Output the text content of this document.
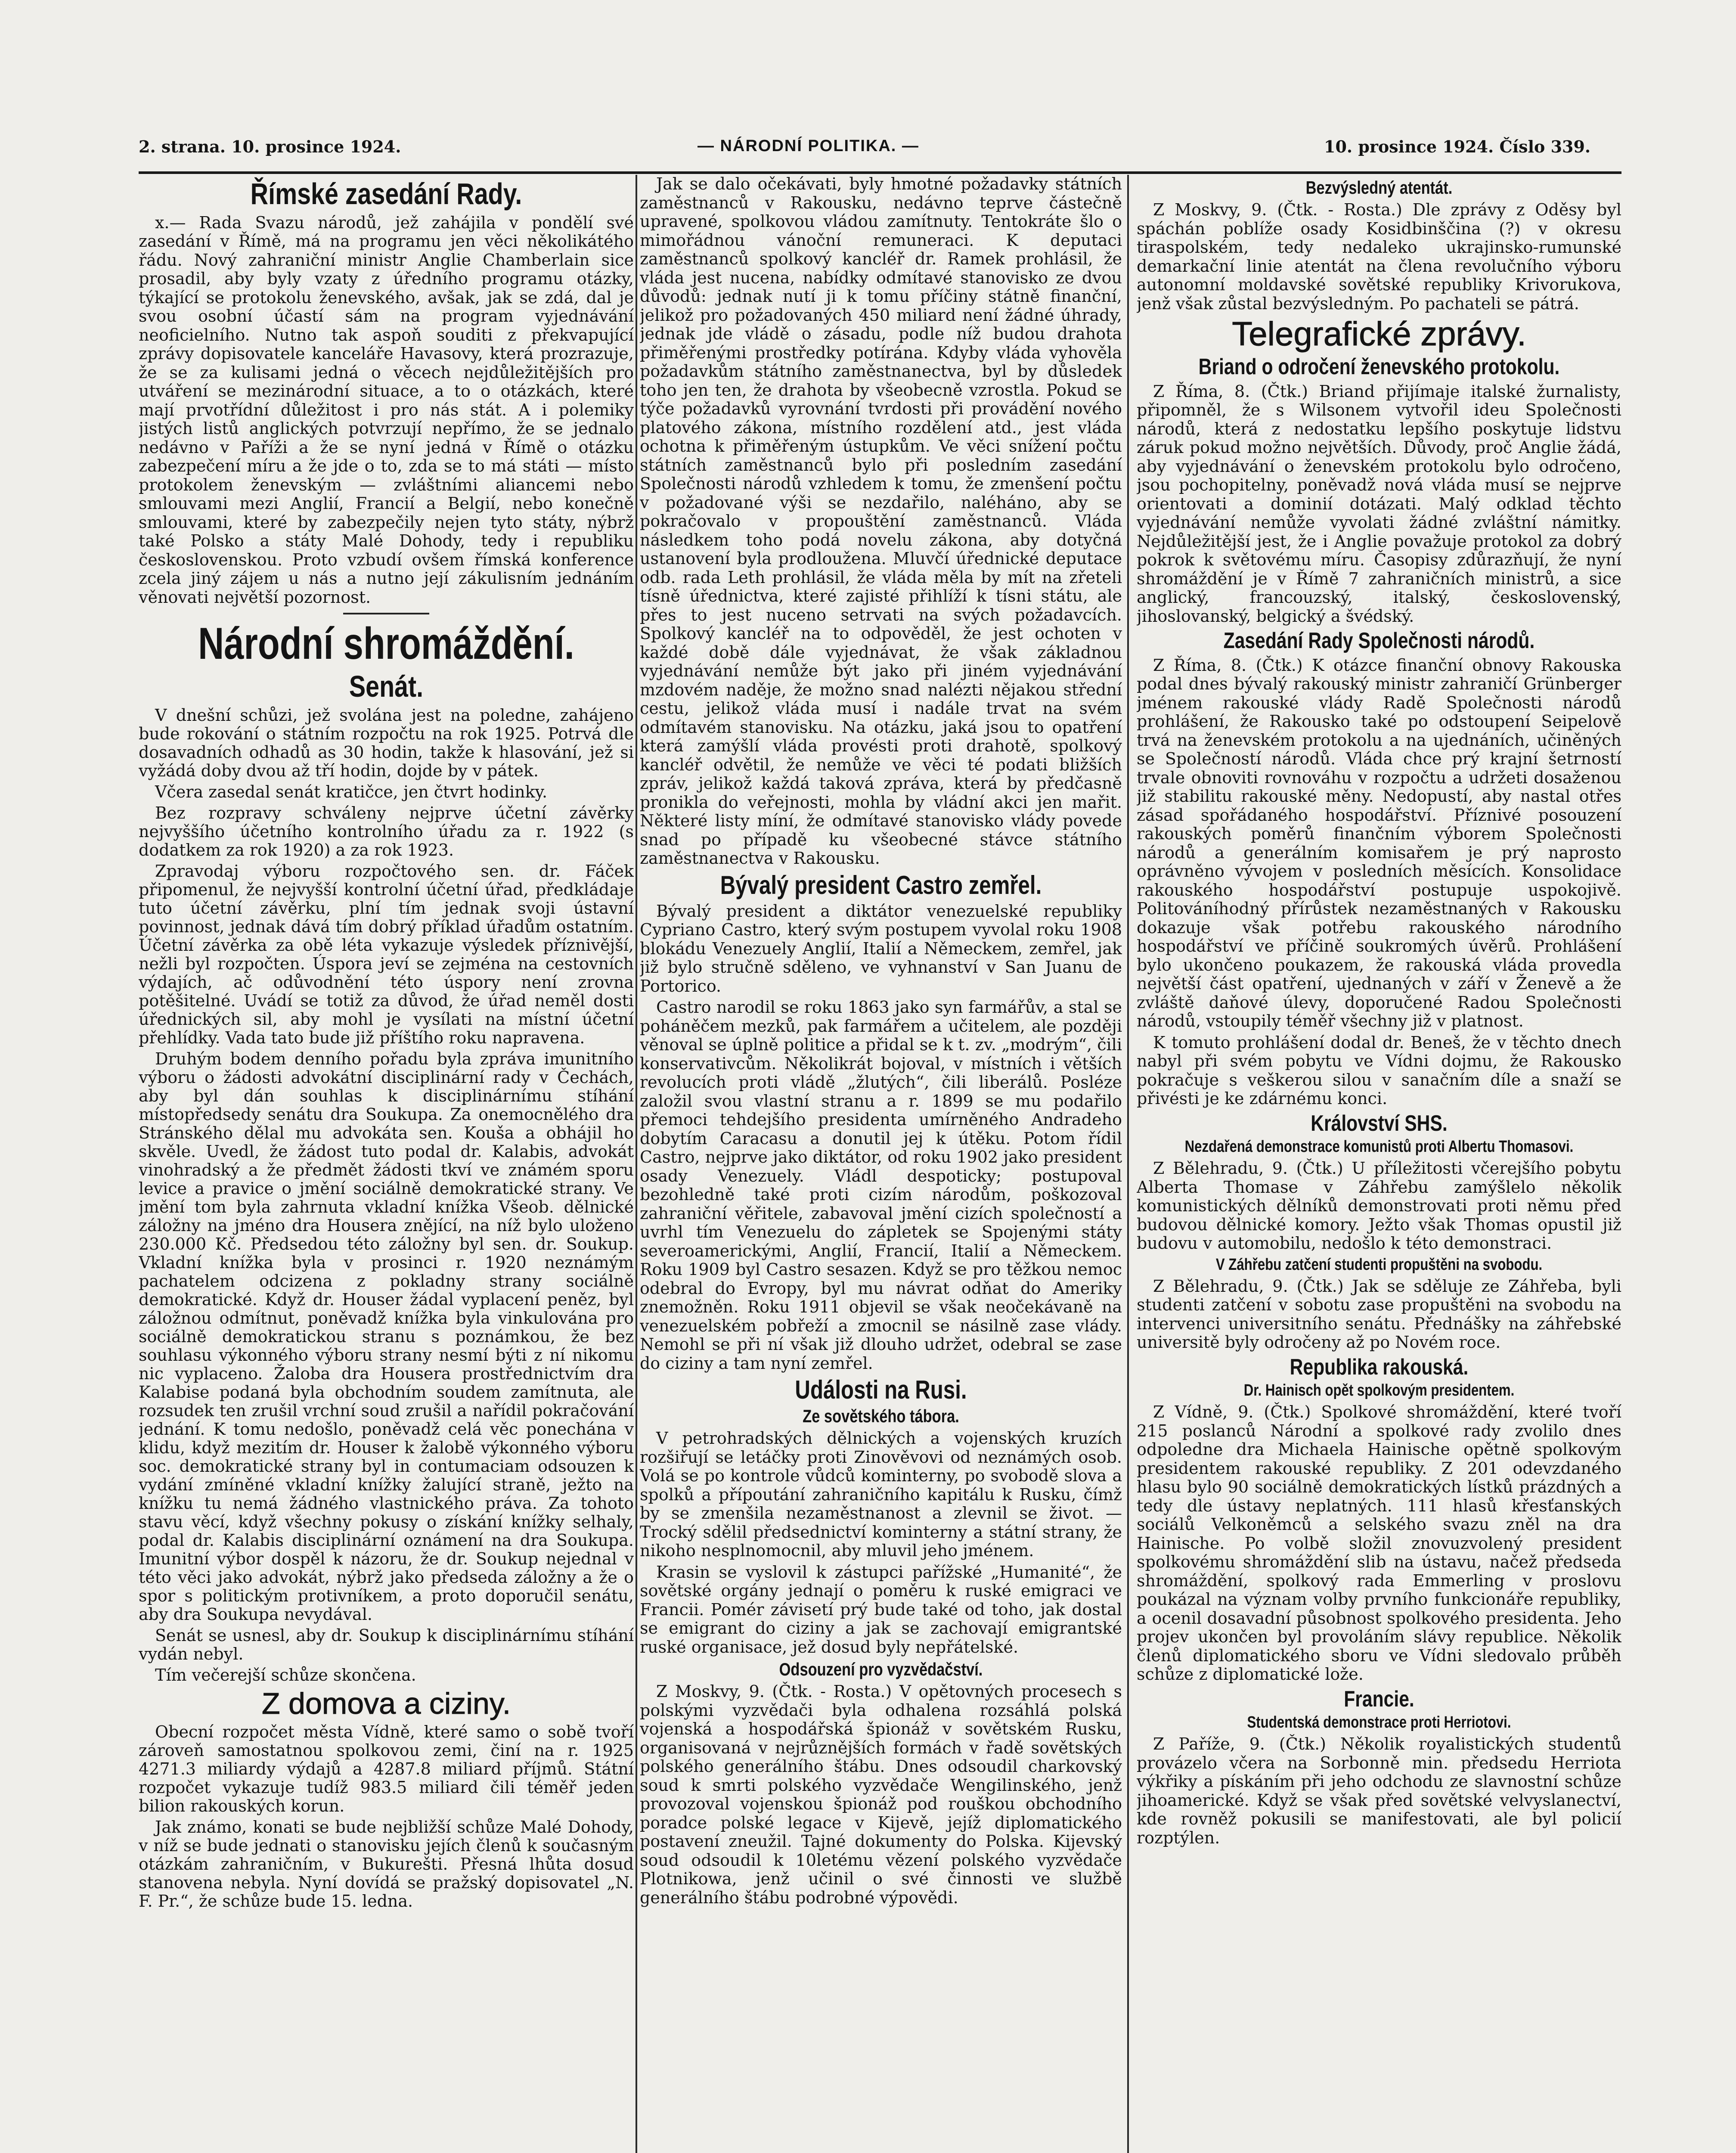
2. strana. 10. prosince 1924.	— NÁRODNÍ POLITIKA. —	10. prosince 1924. Číslo 339.
Římské zasedání Rady.

x.— Rada Svazu národů, jež zahájila v pondělí své zasedání v Římě, má na programu jen věci několikátého řádu. Nový zahraniční ministr Anglie Chamberlain sice prosadil, aby byly vzaty z úředního programu otázky, týkající se protokolu ženevského, avšak, jak se zdá, dal je svou osobní účastí sám na program vyjednávání neoficielního. Nutno tak aspoň souditi z překvapující zprávy dopisovatele kanceláře Havasovy, která prozrazuje, že se za kulisami jedná o věcech nejdůležitějších pro utváření se mezinárodní situace, a to o otázkách, které mají prvotřídní důležitost i pro nás stát. A i polemiky jistých listů anglických potvrzují nepřímo, že se jednalo nedávno v Paříži a že se nyní jedná v Římě o otázku zabezpečení míru a že jde o to, zda se to má státi — místo protokolem ženevským — zvláštními aliancemi nebo smlouvami mezi Anglií, Francií a Belgií, nebo konečně smlouvami, které by zabezpečily nejen tyto státy, nýbrž také Polsko a státy Malé Dohody, tedy i republiku československou. Proto vzbudí ovšem římská konference zcela jiný zájem u nás a nutno její zákulisním jednáním věnovati největší pozornost.

Národní shromáždění.
Senát.

V dnešní schůzi, jež svolána jest na poledne, zahájeno bude rokování o státním rozpočtu na rok 1925. Potrvá dle dosavadních odhadů as 30 hodin, takže k hlasování, jež si vyžádá doby dvou až tří hodin, dojde by v pátek.

Včera zasedal senát kratičce, jen čtvrt hodinky.

Bez rozpravy schváleny nejprve účetní závěrky nejvyššího účetního kontrolního úřadu za r. 1922 (s dodatkem za rok 1920) a za rok 1923.

Zpravodaj výboru rozpočtového sen. dr. Fáček připomenul, že nejvyšší kontrolní účetní úřad, předkládaje tuto účetní závěrku, plní tím jednak svoji ústavní povinnost, jednak dává tím dobrý příklad úřadům ostatním. Účetní závěrka za obě léta vykazuje výsledek příznivější, nežli byl rozpočten. Úspora jeví se zejména na cestovních výdajích, ač odůvodnění této úspory není zrovna potěšitelné. Uvádí se totiž za důvod, že úřad neměl dosti úřednických sil, aby mohl je vysílati na místní účetní přehlídky. Vada tato bude již příštího roku napravena.

Druhým bodem denního pořadu byla zpráva imunitního výboru o žádosti advokátní disciplinární rady v Čechách, aby byl dán souhlas k disciplinárnímu stíhání místopředsedy senátu dra Soukupa. Za onemocnělého dra Stránského dělal mu advokáta sen. Kouša a obhájil ho skvěle. Uvedl, že žádost tuto podal dr. Kalabis, advokát vinohradský a že předmět žádosti tkví ve známém sporu levice a pravice o jmění sociálně demokratické strany. Ve jmění tom byla zahrnuta vkladní knížka Všeob. dělnické záložny na jméno dra Housera znějící, na níž bylo uloženo 230.000 Kč. Předsedou této záložny byl sen. dr. Soukup. Vkladní knížka byla v prosinci r. 1920 neznámým pachatelem odcizena z pokladny strany sociálně demokratické. Když dr. Houser žádal vyplacení peněz, byl záložnou odmítnut, poněvadž knížka byla vinkulována pro sociálně demokratickou stranu s poznámkou, že bez souhlasu výkonného výboru strany nesmí býti z ní nikomu nic vyplaceno. Žaloba dra Housera prostřednictvím dra Kalabise podaná byla obchodním soudem zamítnuta, ale rozsudek ten zrušil vrchní soud zrušil a nařídil pokračování jednání. K tomu nedošlo, poněvadž celá věc ponechána v klidu, když mezitím dr. Houser k žalobě výkonného výboru soc. demokratické strany byl in contumaciam odsouzen k vydání zmíněné vkladní knížky žalující straně, ježto na knížku tu nemá žádného vlastnického práva. Za tohoto stavu věcí, když všechny pokusy o získání knížky selhaly, podal dr. Kalabis disciplinární oznámení na dra Soukupa. Imunitní výbor dospěl k názoru, že dr. Soukup nejednal v této věci jako advokát, nýbrž jako předseda záložny a že o spor s politickým protivníkem, a proto doporučil senátu, aby dra Soukupa nevydával.

Senát se usnesl, aby dr. Soukup k disciplinárnímu stíhání vydán nebyl.

Tím večerejší schůze skončena.

Z domova a ciziny.

Obecní rozpočet města Vídně, které samo o sobě tvoří zároveň samostatnou spolkovou zemi, činí na r. 1925 4271.3 miliardy výdajů a 4287.8 miliard příjmů. Státní rozpočet vykazuje tudíž 983.5 miliard čili téměř jeden bilion rakouských korun.

Jak známo, konati se bude nejbližší schůze Malé Dohody, v níž se bude jednati o stanovisku jejích členů k současným otázkám zahraničním, v Bukurešti. Přesná lhůta dosud stanovena nebyla. Nyní dovídá se pražský dopisovatel „N. F. Pr.“, že schůze bude 15. ledna.

Jak se dalo očekávati, byly hmotné požadavky státních zaměstnanců v Rakousku, nedávno teprve částečně upravené, spolkovou vládou zamítnuty. Tentokráte šlo o mimořádnou vánoční remuneraci. K deputaci zaměstnanců spolkový kancléř dr. Ramek prohlásil, že vláda jest nucena, nabídky odmítavé stanovisko ze dvou důvodů: jednak nutí ji k tomu příčiny státně finanční, jelikož pro požadovaných 450 miliard není žádné úhrady, jednak jde vládě o zásadu, podle níž budou drahota přiměřenými prostředky potírána. Kdyby vláda vyhověla požadavkům státního zaměstnanectva, byl by důsledek toho jen ten, že drahota by všeobecně vzrostla. Pokud se týče požadavků vyrovnání tvrdosti při provádění nového platového zákona, místního rozdělení atd., jest vláda ochotna k přiměřeným ústupkům. Ve věci snížení počtu státních zaměstnanců bylo při posledním zasedání Společnosti národů vzhledem k tomu, že zmenšení počtu v požadované výši se nezdařilo, naléháno, aby se pokračovalo v propouštění zaměstnanců. Vláda následkem toho podá novelu zákona, aby dotyčná ustanovení byla prodloužena. Mluvčí úřednické deputace odb. rada Leth prohlásil, že vláda měla by mít na zřeteli tísně úřednictva, které zajisté přihlíží k tísni státu, ale přes to jest nuceno setrvati na svých požadavcích. Spolkový kancléř na to odpověděl, že jest ochoten v každé době dále vyjednávat, že však základnou vyjednávání nemůže být jako při jiném vyjednávání mzdovém naděje, že možno snad nalézti nějakou střední cestu, jelikož vláda musí i nadále trvat na svém odmítavém stanovisku. Na otázku, jaká jsou to opatření která zamýšlí vláda provésti proti drahotě, spolkový kancléř odvětil, že nemůže ve věci té podati bližších zpráv, jelikož každá taková zpráva, která by předčasně pronikla do veřejnosti, mohla by vládní akci jen mařit. Některé listy míní, že odmítavé stanovisko vlády povede snad po případě ku všeobecné stávce státního zaměstnanectva v Rakousku.

Bývalý president Castro zemřel.

Bývalý president a diktátor venezuelské republiky Cypriano Castro, který svým postupem vyvolal roku 1908 blokádu Venezuely Anglií, Italií a Německem, zemřel, jak již bylo stručně sděleno, ve vyhnanství v San Juanu de Portorico.

Castro narodil se roku 1863 jako syn farmářův, a stal se poháněčem mezků, pak farmářem a učitelem, ale později věnoval se úplně politice a přidal se k t. zv. „modrým“, čili konservativcům. Několikrát bojoval, v místních i větších revolucích proti vládě „žlutých“, čili liberálů. Posléze založil svou vlastní stranu a r. 1899 se mu podařilo přemoci tehdejšího presidenta umírněného Andradeho dobytím Caracasu a donutil jej k útěku. Potom řídil Castro, nejprve jako diktátor, od roku 1902 jako president osady Venezuely. Vládl despoticky; postupoval bezohledně také proti cizím národům, poškozoval zahraniční věřitele, zabavoval jmění cizích společností a uvrhl tím Venezuelu do zápletek se Spojenými státy severoamerickými, Anglií, Francií, Italií a Německem. Roku 1909 byl Castro sesazen. Když se pro těžkou nemoc odebral do Evropy, byl mu návrat odňat do Ameriky znemožněn. Roku 1911 objevil se však neočekávaně na venezuelském pobřeží a zmocnil se násilně zase vlády. Nemohl se při ní však již dlouho udržet, odebral se zase do ciziny a tam nyní zemřel.

Události na Rusi.
Ze sovětského tábora.

V petrohradských dělnických a vojenských kruzích rozšiřují se letáčky proti Zinověvovi od neznámých osob. Volá se po kontrole vůdců kominterny, po svobodě slova a spolků a přípoutání zahraničního kapitálu k Rusku, čímž by se zmenšila nezaměstnanost a zlevnil se život. — Trocký sdělil předsednictví kominterny a státní strany, že nikoho nesplnomocnil, aby mluvil jeho jménem.

Krasin se vyslovil k zástupci pařížské „Humanité“, že sovětské orgány jednají o poměru k ruské emigraci ve Francii. Pomér závisetí prý bude také od toho, jak dostal se emigrant do ciziny a jak se zachovají emigrantské ruské organisace, jež dosud byly nepřátelské.

Odsouzení pro vyzvědačství.

Z Moskvy, 9. (Čtk. - Rosta.) V opětovných procesech s polskými vyzvědači byla odhalena rozsáhlá polská vojenská a hospodářská špionáž v sovětském Rusku, organisovaná v nejrůznějších formách v řadě sovětských polského generálního štábu. Dnes odsoudil charkovský soud k smrti polského vyzvědače Wengilinského, jenž provozoval vojenskou špionáž pod rouškou obchodního poradce polské legace v Kijevě, jejíž diplomatického postavení zneužil. Tajné dokumenty do Polska. Kijevský soud odsoudil k 10letému vězení polského vyzvědače Plotnikowa, jenž učinil o své činnosti ve službě generálního štábu podrobné výpovědi.

Bezvýsledný atentát.

Z Moskvy, 9. (Čtk. - Rosta.) Dle zprávy z Oděsy byl spáchán poblíže osady Kosidbinščina (?) v okresu tiraspolském, tedy nedaleko ukrajinsko-rumunské demarkační linie atentát na člena revolučního výboru autonomní moldavské sovětské republiky Krivorukova, jenž však zůstal bezvýsledným. Po pachateli se pátrá.

Telegrafické zprávy.
Briand o odročení ženevského protokolu.

Z Říma, 8. (Čtk.) Briand přijímaje italské žurnalisty, připomněl, že s Wilsonem vytvořil ideu Společnosti národů, která z nedostatku lepšího poskytuje lidstvu záruk pokud možno největších. Důvody, proč Anglie žádá, aby vyjednávání o ženevském protokolu bylo odročeno, jsou pochopitelny, poněvadž nová vláda musí se nejprve orientovati a dominií dotázati. Malý odklad těchto vyjednávání nemůže vyvolati žádné zvláštní námitky. Nejdůležitější jest, že i Anglie považuje protokol za dobrý pokrok k světovému míru. Časopisy zdůrazňují, že nyní shromáždění je v Římě 7 zahraničních ministrů, a sice anglický, francouzský, italský, československý, jihoslovanský, belgický a švédský.

Zasedání Rady Společnosti národů.

Z Říma, 8. (Čtk.) K otázce finanční obnovy Rakouska podal dnes bývalý rakouský ministr zahraničí Grünberger jménem rakouské vlády Radě Společnosti národů prohlášení, že Rakousko také po odstoupení Seipelově trvá na ženevském protokolu a na ujednáních, učiněných se Společností národů. Vláda chce prý krajní šetrností trvale obnoviti rovnováhu v rozpočtu a udržeti dosaženou již stabilitu rakouské měny. Nedopustí, aby nastal otřes zásad spořádaného hospodářství. Příznivé posouzení rakouských poměrů finančním výborem Společnosti národů a generálním komisařem je prý naprosto oprávněno vývojem v posledních měsících. Konsolidace rakouského hospodářství postupuje uspokojivě. Politováníhodný přírůstek nezaměstnaných v Rakousku dokazuje však potřebu rakouského národního hospodářství ve příčině soukromých úvěrů. Prohlášení bylo ukončeno poukazem, že rakouská vláda provedla největší část opatření, ujednaných v září v Ženevě a že zvláště daňové úlevy, doporučené Radou Společnosti národů, vstoupily téměř všechny již v platnost.

K tomuto prohlášení dodal dr. Beneš, že v těchto dnech nabyl při svém pobytu ve Vídni dojmu, že Rakousko pokračuje s veškerou silou v sanačním díle a snaží se přivésti je ke zdárnému konci.

Království SHS.
Nezdařená demonstrace komunistů proti Albertu Thomasovi.

Z Bělehradu, 9. (Čtk.) U příležitosti včerejšího pobytu Alberta Thomase v Záhřebu zamýšlelo několik komunistických dělníků demonstrovati proti němu před budovou dělnické komory. Ježto však Thomas opustil již budovu v automobilu, nedošlo k této demonstraci.

V Záhřebu zatčení studenti propuštěni na svobodu.

Z Bělehradu, 9. (Čtk.) Jak se sděluje ze Záhřeba, byli studenti zatčení v sobotu zase propuštěni na svobodu na intervenci universitního senátu. Přednášky na záhřebské universitě byly odročeny až po Novém roce.

Republika rakouská.
Dr. Hainisch opět spolkovým presidentem.

Z Vídně, 9. (Čtk.) Spolkové shromáždění, které tvoří 215 poslanců Národní a spolkové rady zvolilo dnes odpoledne dra Michaela Hainische opětně spolkovým presidentem rakouské republiky. Z 201 odevzdaného hlasu bylo 90 sociálně demokratických lístků prázdných a tedy dle ústavy neplatných. 111 hlasů křesťanských sociálů Velkoněmců a selského svazu zněl na dra Hainische. Po volbě složil znovuzvolený president spolkovému shromáždění slib na ústavu, načež předseda shromáždění, spolkový rada Emmerling v proslovu poukázal na význam volby prvního funkcionáře republiky, a ocenil dosavadní působnost spolkového presidenta. Jeho projev ukončen byl provoláním slávy republice. Několik členů diplomatického sboru ve Vídni sledovalo průběh schůze z diplomatické lože.

Francie.
Studentská demonstrace proti Herriotovi.

Z Paříže, 9. (Čtk.) Několik royalistických studentů provázelo včera na Sorbonně min. předsedu Herriota výkřiky a pískáním při jeho odchodu ze slavnostní schůze jihoamerické. Když se však před sovětské velvyslanectví, kde rovněž pokusili se manifestovati, ale byl policií rozptýlen.
